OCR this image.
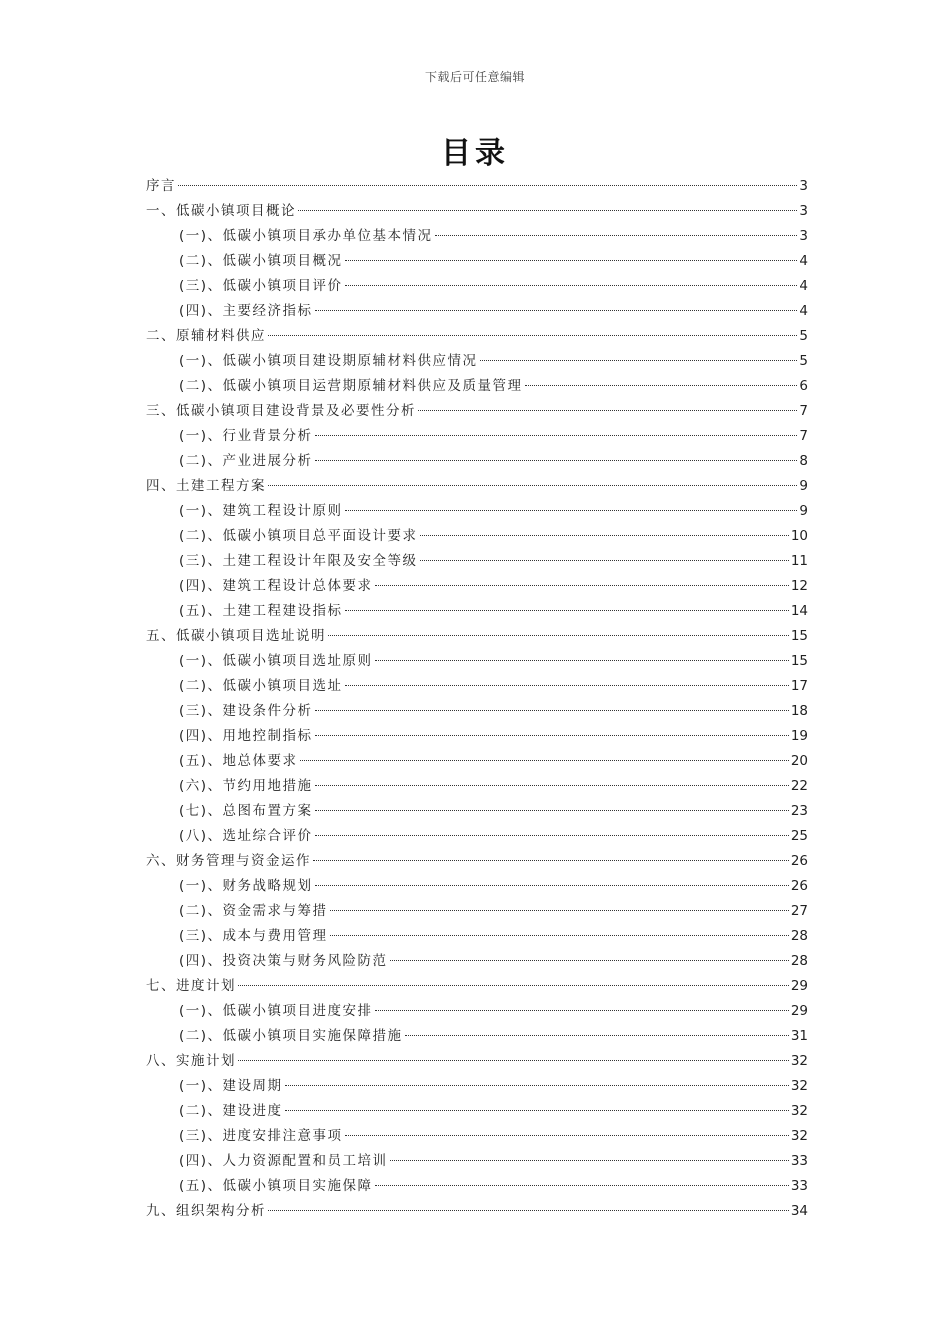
下载后可任意编辑
目录
序言	3
一、低碳小镇项目概论	3
(一)、低碳小镇项目承办单位基本情况	3
(二)、低碳小镇项目概况	4
(三)、低碳小镇项目评价	4
(四)、主要经济指标	4
二、原辅材料供应	5
(一)、低碳小镇项目建设期原辅材料供应情况	5
(二)、低碳小镇项目运营期原辅材料供应及质量管理	6
三、低碳小镇项目建设背景及必要性分析	7
(一)、行业背景分析	7
(二)、产业进展分析	8
四、土建工程方案	9
(一)、建筑工程设计原则	9
(二)、低碳小镇项目总平面设计要求	10
(三)、土建工程设计年限及安全等级	11
(四)、建筑工程设计总体要求	12
(五)、土建工程建设指标	14
五、低碳小镇项目选址说明	15
(一)、低碳小镇项目选址原则	15
(二)、低碳小镇项目选址	17
(三)、建设条件分析	18
(四)、用地控制指标	19
(五)、地总体要求	20
(六)、节约用地措施	22
(七)、总图布置方案	23
(八)、选址综合评价	25
六、财务管理与资金运作	26
(一)、财务战略规划	26
(二)、资金需求与筹措	27
(三)、成本与费用管理	28
(四)、投资决策与财务风险防范	28
七、进度计划	29
(一)、低碳小镇项目进度安排	29
(二)、低碳小镇项目实施保障措施	31
八、实施计划	32
(一)、建设周期	32
(二)、建设进度	32
(三)、进度安排注意事项	32
(四)、人力资源配置和员工培训	33
(五)、低碳小镇项目实施保障	33
九、组织架构分析	34
